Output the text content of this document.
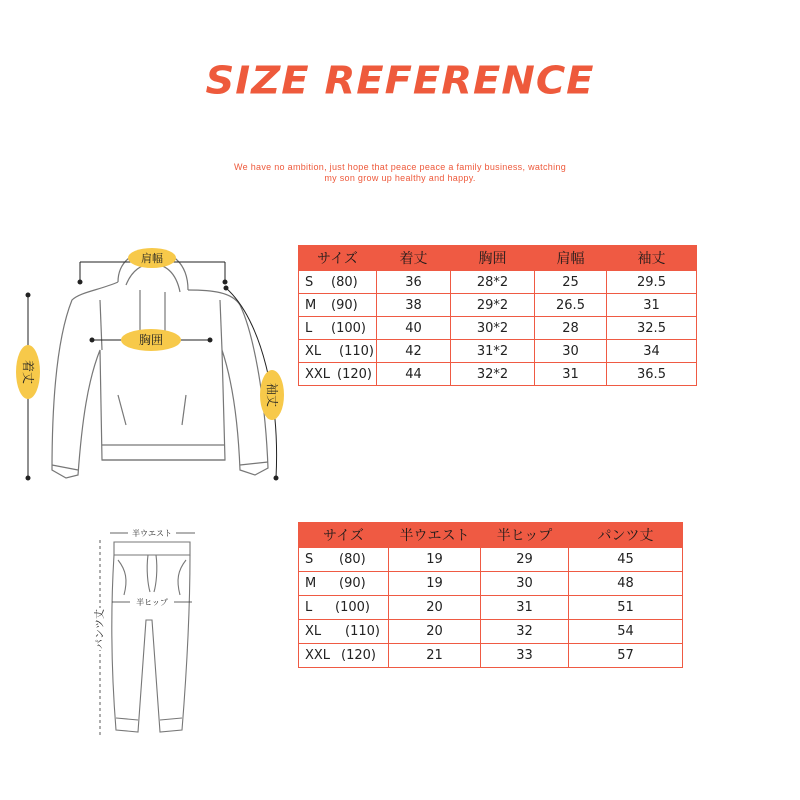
SIZE REFERENCE
We have no ambition, just hope that peace peace a family business, watching
my son grow up healthy and happy.
肩幅
胸囲
着丈
袖丈
半ウエスト
半ヒップ
パンツ丈
サイズ	着丈	胸囲	肩幅	袖丈
S (80)	36	28*2	25	29.5
M (90)	38	29*2	26.5	31
L (100)	40	30*2	28	32.5
XL (110)	42	31*2	30	34
XXL (120)	44	32*2	31	36.5
サイズ	半ウエスト	半ヒップ	パンツ丈
S (80)	19	29	45
M (90)	19	30	48
L (100)	20	31	51
XL (110)	20	32	54
XXL (120)	21	33	57
